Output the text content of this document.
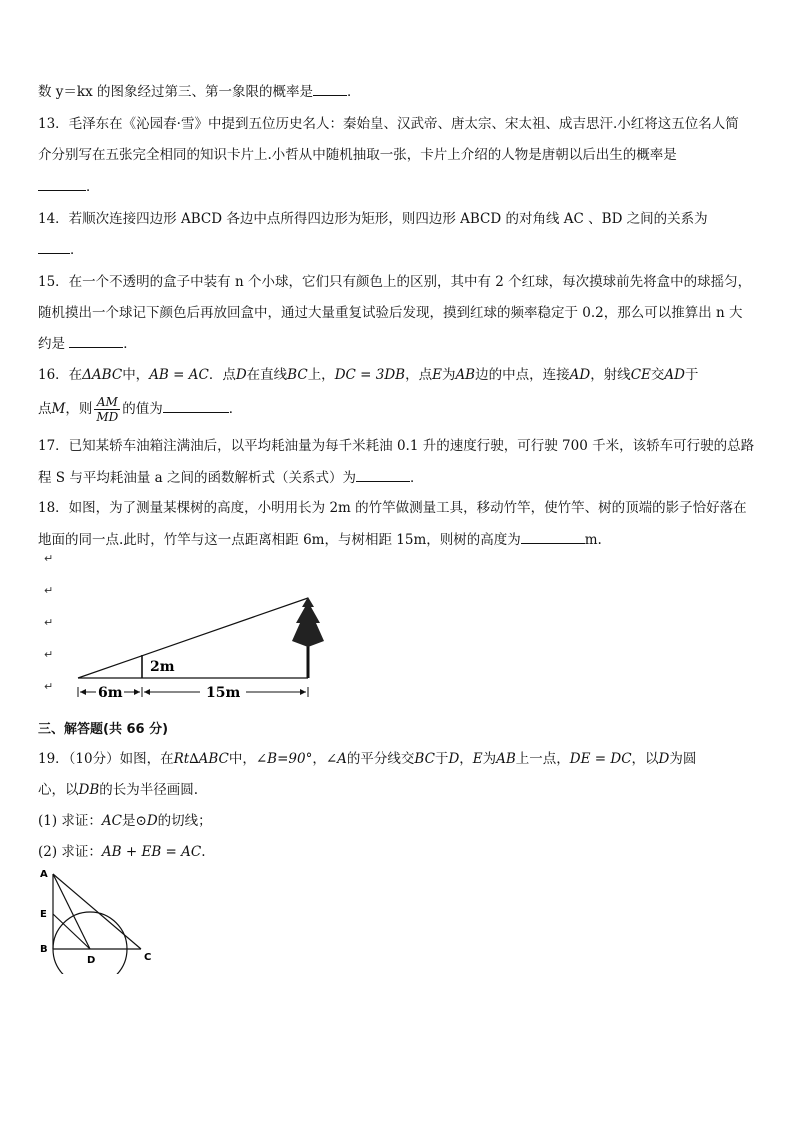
数 y＝kx 的图象经过第三、第一象限的概率是	．
13．毛泽东在《沁园春·雪》中提到五位历史名人：秦始皇、汉武帝、唐太宗、宋太祖、成吉思汗.小红将这五位名人简
介分别写在五张完全相同的知识卡片上.小哲从中随机抽取一张，卡片上介绍的人物是唐朝以后出生的概率是
．
14．若顺次连接四边形 ABCD 各边中点所得四边形为矩形，则四边形 ABCD 的对角线 AC 、BD 之间的关系为
．
15．在一个不透明的盒子中装有 n 个小球，它们只有颜色上的区别，其中有 2 个红球，每次摸球前先将盒中的球摇匀，
随机摸出一个球记下颜色后再放回盒中，通过大量重复试验后发现，摸到红球的频率稳定于 0.2，那么可以推算出 n 大
约是	．
16．在ΔABC中，AB = AC．点D在直线BC上，DC = 3DB，点E为AB边的中点，连接AD，射线CE交AD于
点M，则 $\frac{AM}{MD}$ 的值为	．
17．已知某轿车油箱注满油后，以平均耗油量为每千米耗油 0.1 升的速度行驶，可行驶 700 千米，该轿车可行驶的总路
程 S 与平均耗油量 a 之间的函数解析式（关系式）为	．
18．如图，为了测量某棵树的高度，小明用长为 2m 的竹竿做测量工具，移动竹竿，使竹竿、树的顶端的影子恰好落在
地面的同一点.此时，竹竿与这一点距离相距 6m，与树相距 15m，则树的高度为	m.
↵
↵
↵
↵
↵
2m
6m	15m
三、解答题(共 66 分)
19．（10分）如图，在Rt∆ABC中，∠B=90°，∠A的平分线交BC于D，E为AB上一点，DE = DC，以D为圆
心，以DB的长为半径画圆.
(1) 求证：AC是⊙D的切线；
(2) 求证：AB + EB = AC.
A
E
B
D	C
